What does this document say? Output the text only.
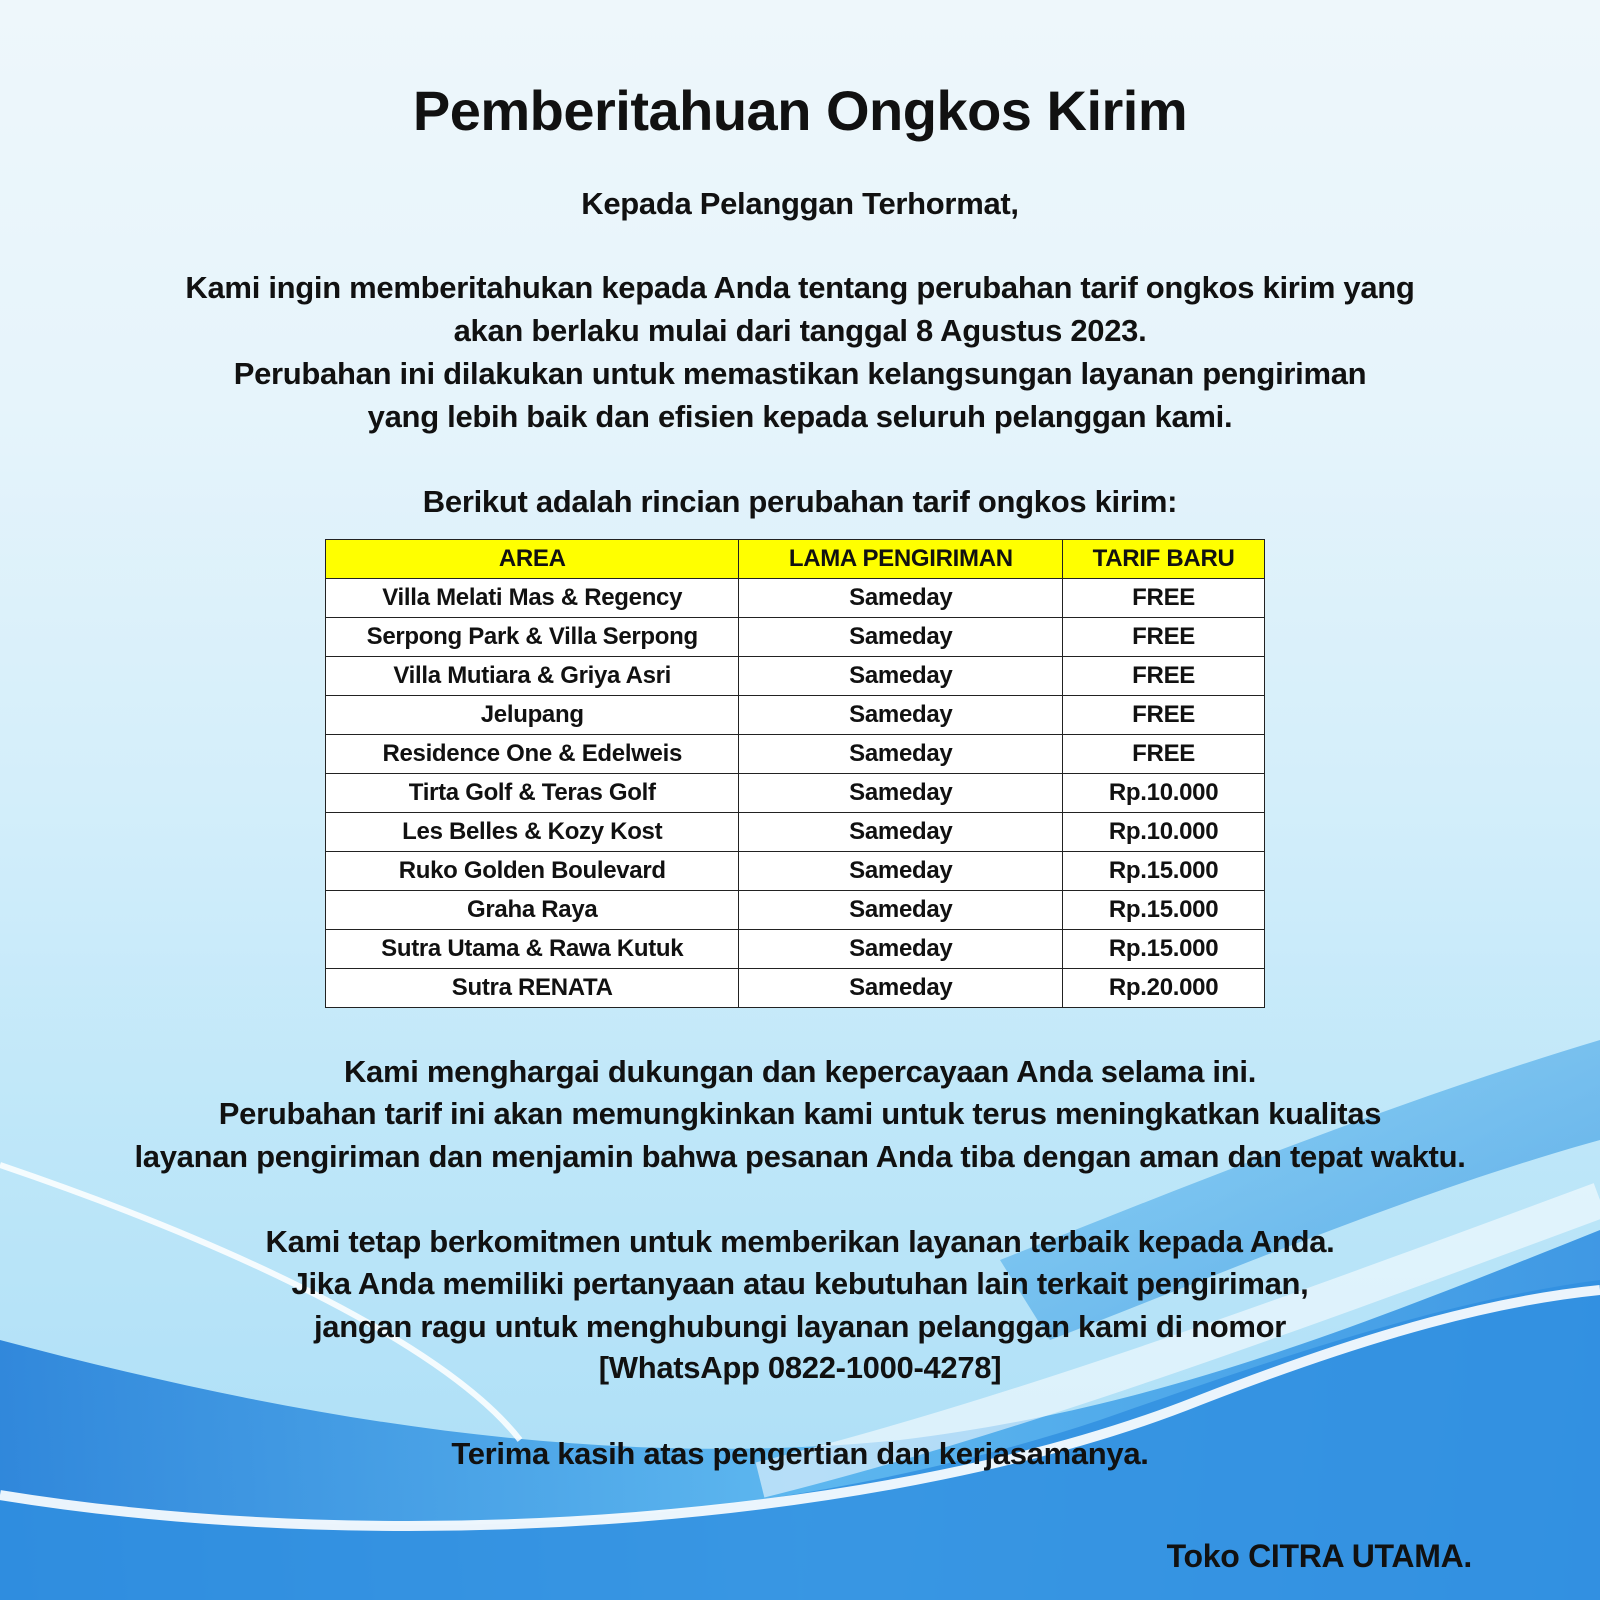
Pemberitahuan Ongkos Kirim
Kepada Pelanggan Terhormat,
Kami ingin memberitahukan kepada Anda tentang perubahan tarif ongkos kirim yang
akan berlaku mulai dari tanggal 8 Agustus 2023.
Perubahan ini dilakukan untuk memastikan kelangsungan layanan pengiriman
yang lebih baik dan efisien kepada seluruh pelanggan kami.
Berikut adalah rincian perubahan tarif ongkos kirim:
AREA	LAMA PENGIRIMAN	TARIF BARU
Villa Melati Mas & Regency	Sameday	FREE
Serpong Park & Villa Serpong	Sameday	FREE
Villa Mutiara & Griya Asri	Sameday	FREE
Jelupang	Sameday	FREE
Residence One & Edelweis	Sameday	FREE
Tirta Golf & Teras Golf	Sameday	Rp.10.000
Les Belles & Kozy Kost	Sameday	Rp.10.000
Ruko Golden Boulevard	Sameday	Rp.15.000
Graha Raya	Sameday	Rp.15.000
Sutra Utama & Rawa Kutuk	Sameday	Rp.15.000
Sutra RENATA	Sameday	Rp.20.000
Kami menghargai dukungan dan kepercayaan Anda selama ini.
Perubahan tarif ini akan memungkinkan kami untuk terus meningkatkan kualitas
layanan pengiriman dan menjamin bahwa pesanan Anda tiba dengan aman dan tepat waktu.
Kami tetap berkomitmen untuk memberikan layanan terbaik kepada Anda.
Jika Anda memiliki pertanyaan atau kebutuhan lain terkait pengiriman,
jangan ragu untuk menghubungi layanan pelanggan kami di nomor
[WhatsApp 0822-1000-4278]
Terima kasih atas pengertian dan kerjasamanya.
Toko CITRA UTAMA.
